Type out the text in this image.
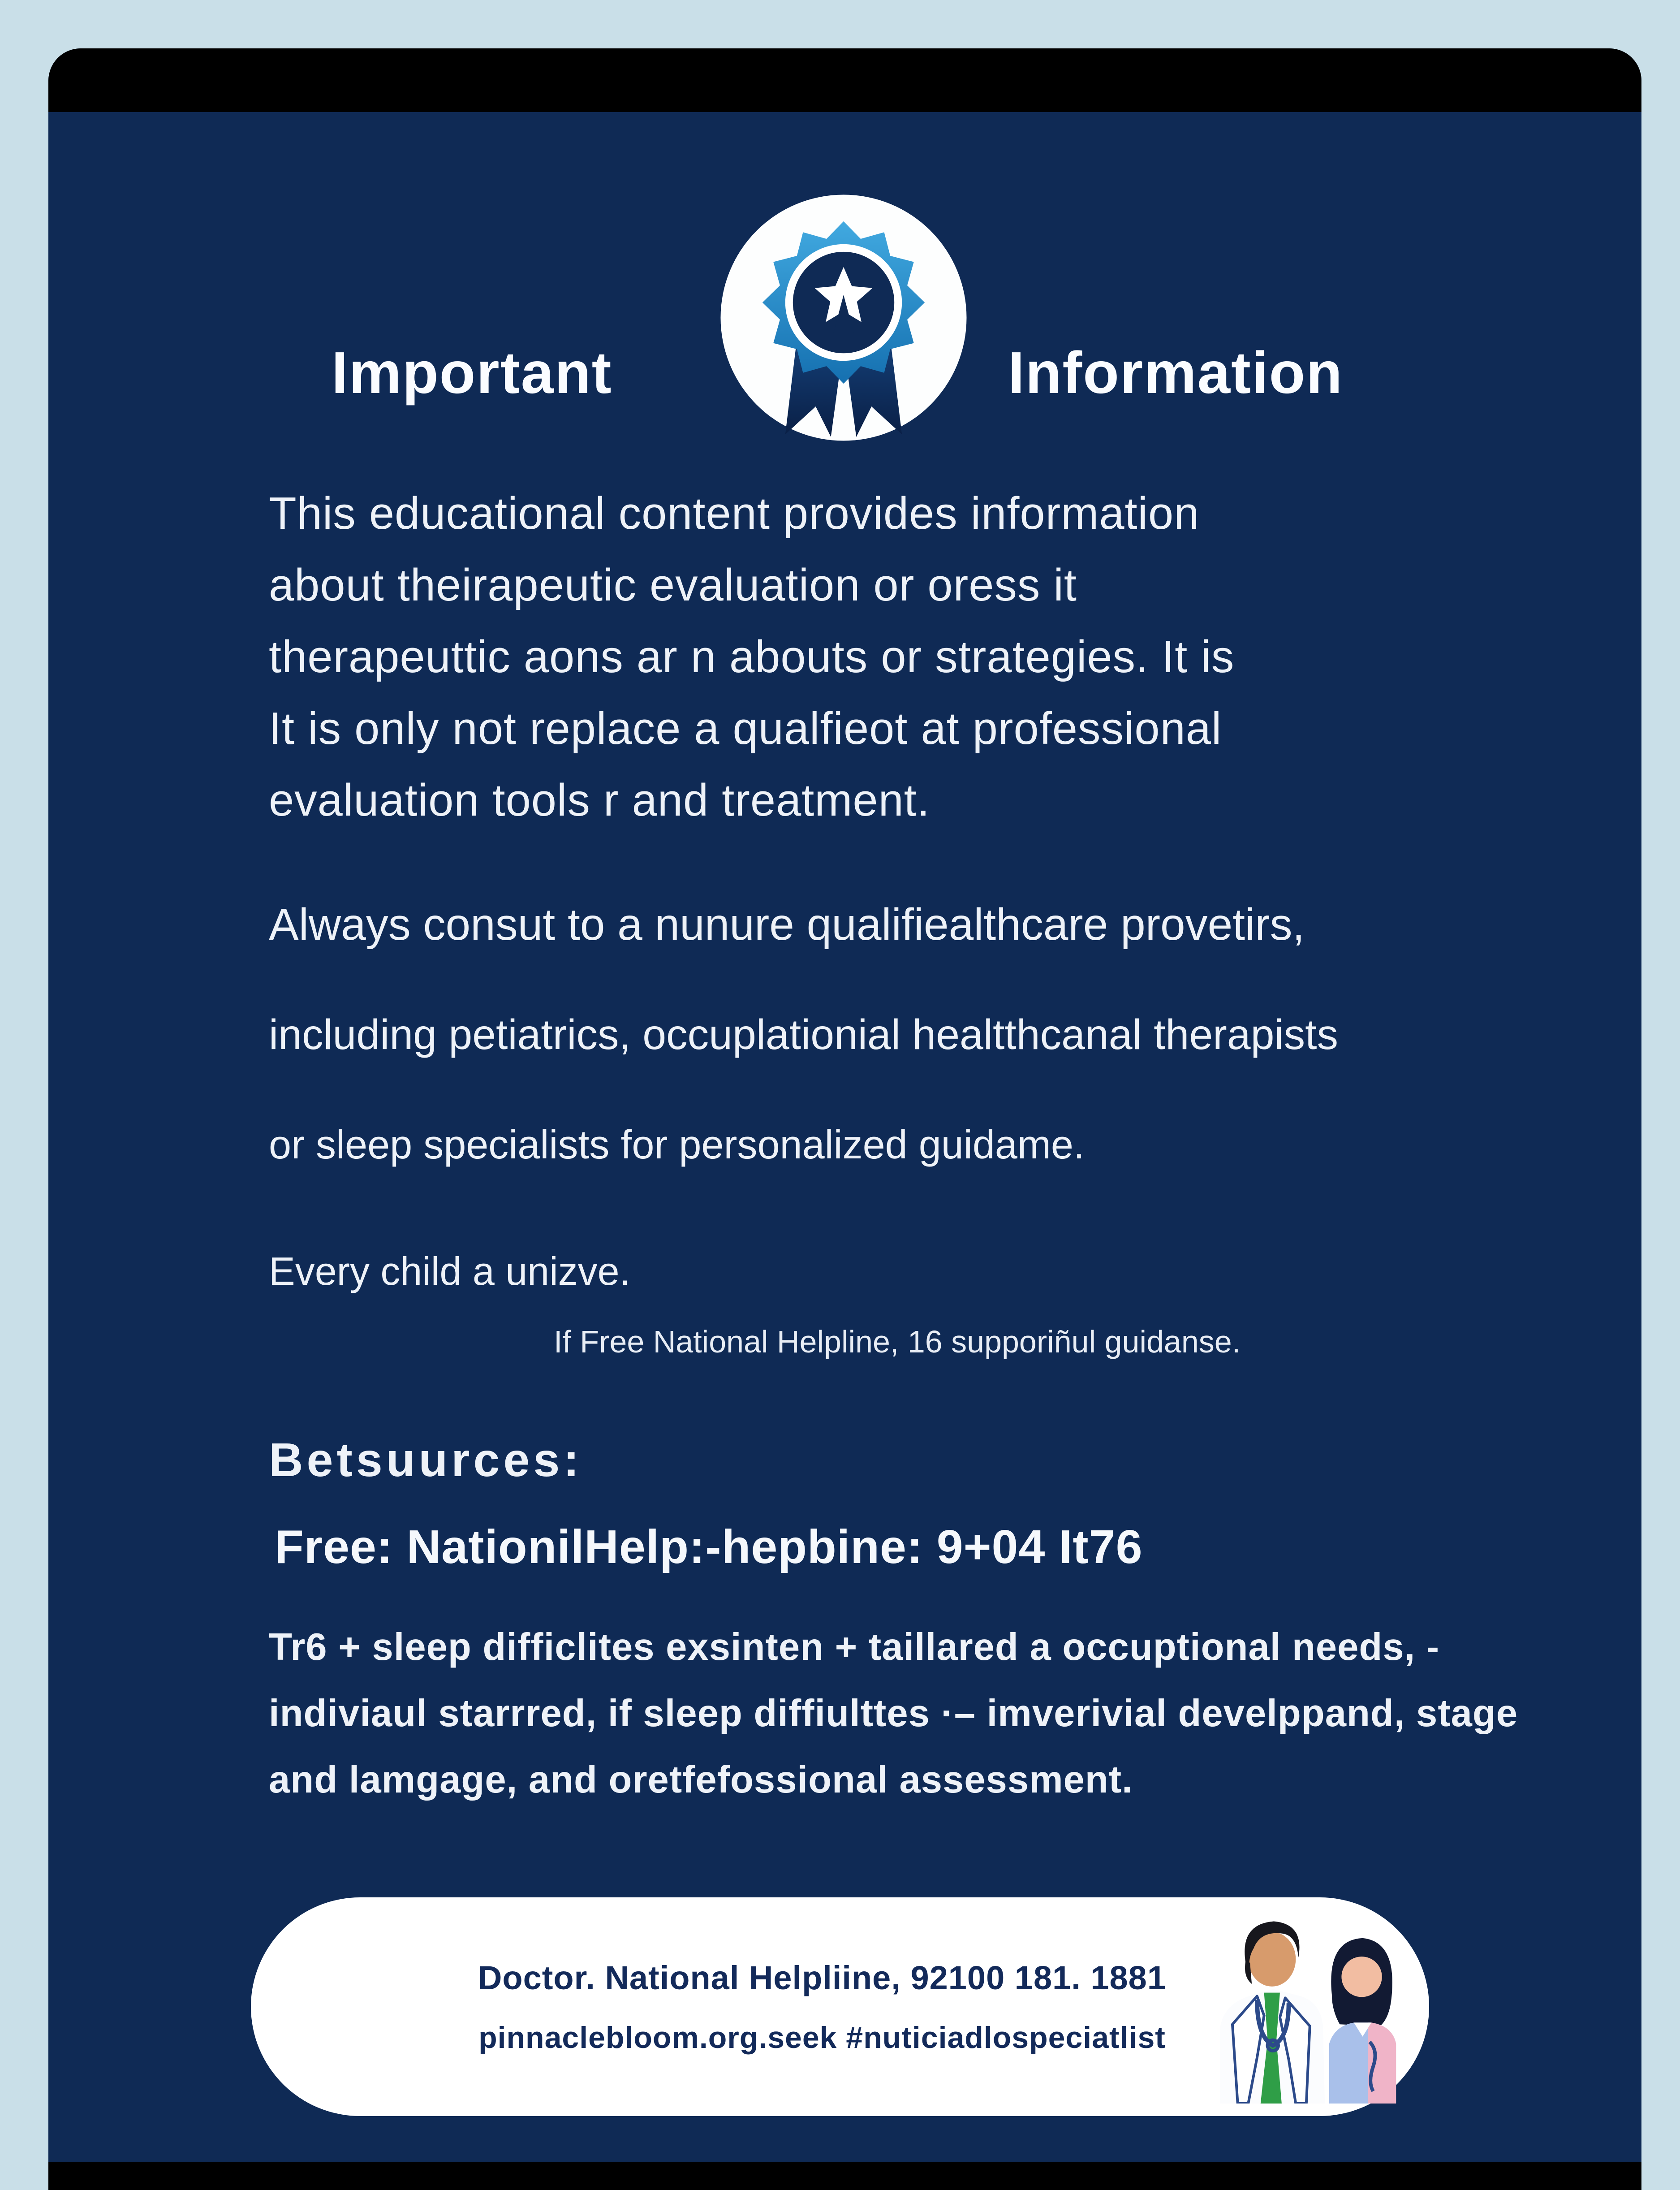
Important	Information
This educational content provides information
about theirapeutic evaluation or oress it
therapeuttic aons ar n abouts or strategies. It is
It is only not replace a qualfieot at professional
evaluation tools r and treatment.
Always consut to a nunure qualifiealthcare provetirs,
including petiatrics, occuplationial healtthcanal therapists
or sleep specialists for personalized guidame.
Every child a unizve.
If Free National Helpline, 16 supporiñul guidanse.
Betsuurces:
Free: NationilHelp:-hepbine: 9+04 It76
Tr6 + sleep difficlites exsinten + taillared a occuptional needs, -
indiviaul starrred, if sleep diffiulttes ·– imverivial develppand, stage
and lamgage, and oretfefossional assessment.
Doctor. National Helpliine, 92100 181. 1881
pinnaclebloom.org.seek #nuticiadlospeciatlist
